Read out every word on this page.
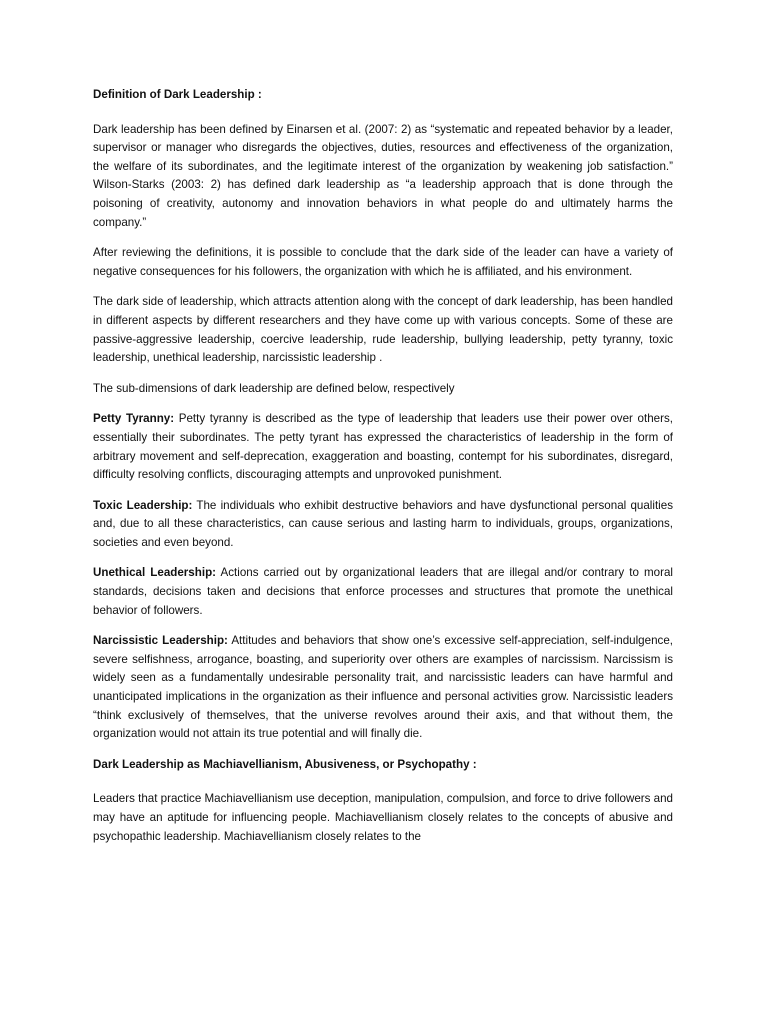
Definition of Dark Leadership :

Dark leadership has been defined by Einarsen et al. (2007: 2) as “systematic and repeated behavior by a leader, supervisor or manager who disregards the objectives, duties, resources and effectiveness of the organization, the welfare of its subordinates, and the legitimate interest of the organization by weakening job satisfaction.” Wilson-Starks (2003: 2) has defined dark leadership as “a leadership approach that is done through the poisoning of creativity, autonomy and innovation behaviors in what people do and ultimately harms the company.”

After reviewing the definitions, it is possible to conclude that the dark side of the leader can have a variety of negative consequences for his followers, the organization with which he is affiliated, and his environment.

The dark side of leadership, which attracts attention along with the concept of dark leadership, has been handled in different aspects by different researchers and they have come up with various concepts. Some of these are passive-aggressive leadership, coercive leadership, rude leadership, bullying leadership, petty tyranny, toxic leadership, unethical leadership, narcissistic leadership .

The sub-dimensions of dark leadership are defined below, respectively

Petty Tyranny: Petty tyranny is described as the type of leadership that leaders use their power over others, essentially their subordinates. The petty tyrant has expressed the characteristics of leadership in the form of arbitrary movement and self-deprecation, exaggeration and boasting, contempt for his subordinates, disregard, difficulty resolving conflicts, discouraging attempts and unprovoked punishment.

Toxic Leadership: The individuals who exhibit destructive behaviors and have dysfunctional personal qualities and, due to all these characteristics, can cause serious and lasting harm to individuals, groups, organizations, societies and even beyond.

Unethical Leadership: Actions carried out by organizational leaders that are illegal and/or contrary to moral standards, decisions taken and decisions that enforce processes and structures that promote the unethical behavior of followers.

Narcissistic Leadership: Attitudes and behaviors that show one’s excessive self-appreciation, self-indulgence, severe selfishness, arrogance, boasting, and superiority over others are examples of narcissism. Narcissism is widely seen as a fundamentally undesirable personality trait, and narcissistic leaders can have harmful and unanticipated implications in the organization as their influence and personal activities grow. Narcissistic leaders “think exclusively of themselves, that the universe revolves around their axis, and that without them, the organization would not attain its true potential and will finally die.

Dark Leadership as Machiavellianism, Abusiveness, or Psychopathy :

Leaders that practice Machiavellianism use deception, manipulation, compulsion, and force to drive followers and may have an aptitude for influencing people. Machiavellianism closely relates to the concepts of abusive and psychopathic leadership. Machiavellianism closely relates to the
